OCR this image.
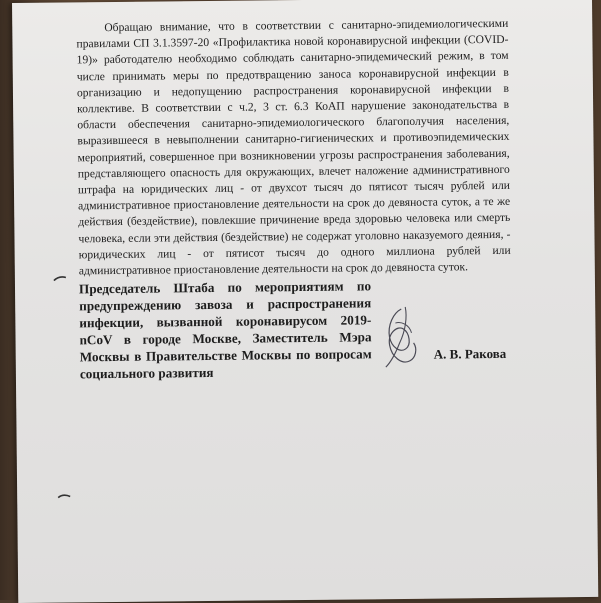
Обращаю внимание, что в соответствии с санитарно-эпидемиологическими правилами СП 3.1.3597-20 «Профилактика новой коронавирусной инфекции (COVID-19)» работодателю необходимо соблюдать санитарно-эпидемический режим, в том числе принимать меры по предотвращению заноса коронавирусной инфекции в организацию и недопущению распространения коронавирусной инфекции в коллективе. В соответствии с ч.2, 3 ст. 6.3 КоАП нарушение законодательства в области обеспечения санитарно-эпидемиологического благополучия населения, выразившееся в невыполнении санитарно-гигиенических и противоэпидемических мероприятий, совершенное при возникновении угрозы распространения заболевания, представляющего опасность для окружающих, влечет наложение административного штрафа на юридических лиц - от двухсот тысяч до пятисот тысяч рублей или административное приостановление деятельности на срок до девяноста суток, а те же действия (бездействие), повлекшие причинение вреда здоровью человека или смерть человека, если эти действия (бездействие) не содержат уголовно наказуемого деяния, - юридических лиц - от пятисот тысяч до одного миллиона рублей или административное приостановление деятельности на срок до девяноста суток.

Председатель Штаба по мероприятиям по предупреждению завоза и распространения инфекции, вызванной коронавирусом 2019-nCoV в городе Москве, Заместитель Мэра Москвы в Правительстве Москвы по вопросам социального развития

А. В. Ракова
